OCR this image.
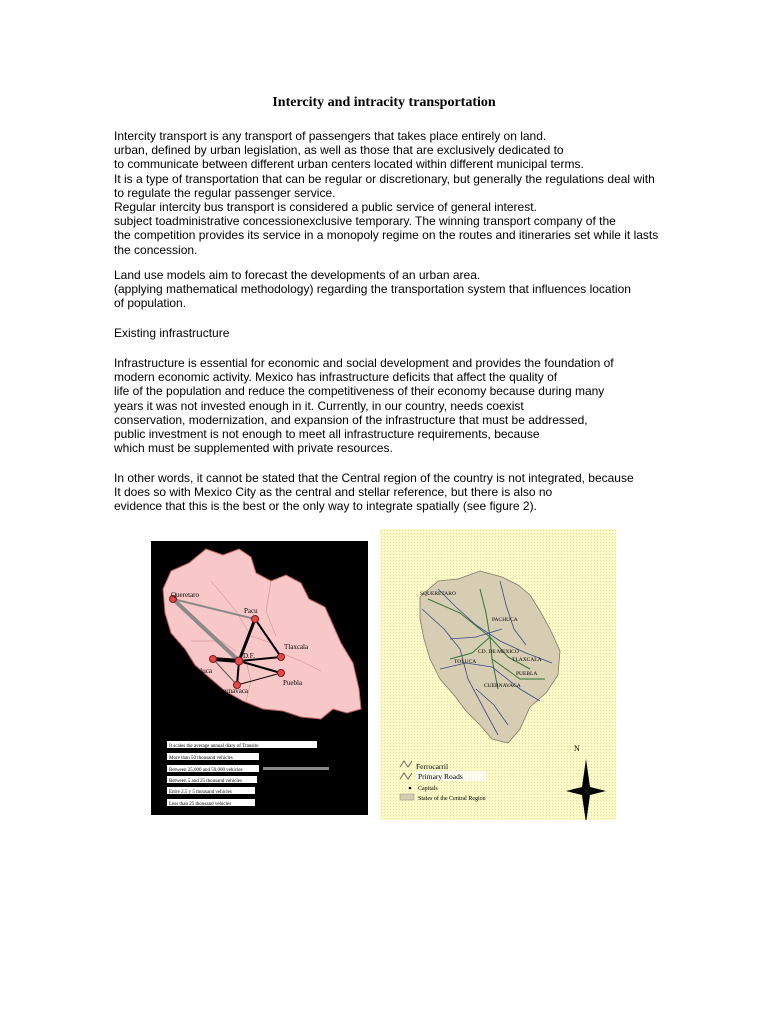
Intercity and intracity transportation
Intercity transport is any transport of passengers that takes place entirely on land.
urban, defined by urban legislation, as well as those that are exclusively dedicated to
to communicate between different urban centers located within different municipal terms.
It is a type of transportation that can be regular or discretionary, but generally the regulations deal with
to regulate the regular passenger service.
Regular intercity bus transport is considered a public service of general interest.
subject toadministrative concessionexclusive temporary. The winning transport company of the
the competition provides its service in a monopoly regime on the routes and itineraries set while it lasts
the concession.
Land use models aim to forecast the developments of an urban area.
(applying mathematical methodology) regarding the transportation system that influences location
of population.
Existing infrastructure
Infrastructure is essential for economic and social development and provides the foundation of
modern economic activity. Mexico has infrastructure deficits that affect the quality of
life of the population and reduce the competitiveness of their economy because during many
years it was not invested enough in it. Currently, in our country, needs coexist
conservation, modernization, and expansion of the infrastructure that must be addressed,
public investment is not enough to meet all infrastructure requirements, because
which must be supplemented with private resources.
In other words, it cannot be stated that the Central region of the country is not integrated, because
It does so with Mexico City as the central and stellar reference, but there is also no
evidence that this is the best or the only way to integrate spatially (see figure 2).
Queretaro
Pacu
Tlaxcala
D.F.
Toluca
Puebla
Cuernavaca
It scales the average annual diary of Transito
More than 50 thousand vehicles
Between 25,000 and 50,000 vehicles
Between 5 and 25 thousand vehicles
Entre 2.5 y 5 thousand vehicles
Less than 25 thousand vehicles
SQUERETARO
PACHUCA
CD. DE MEXICO
TOLUCA	TLAXCALA
PUEBLA
CUERNAVACA
Ferrocarril
Primary Roads
Capitals
States of the Central Region
N
